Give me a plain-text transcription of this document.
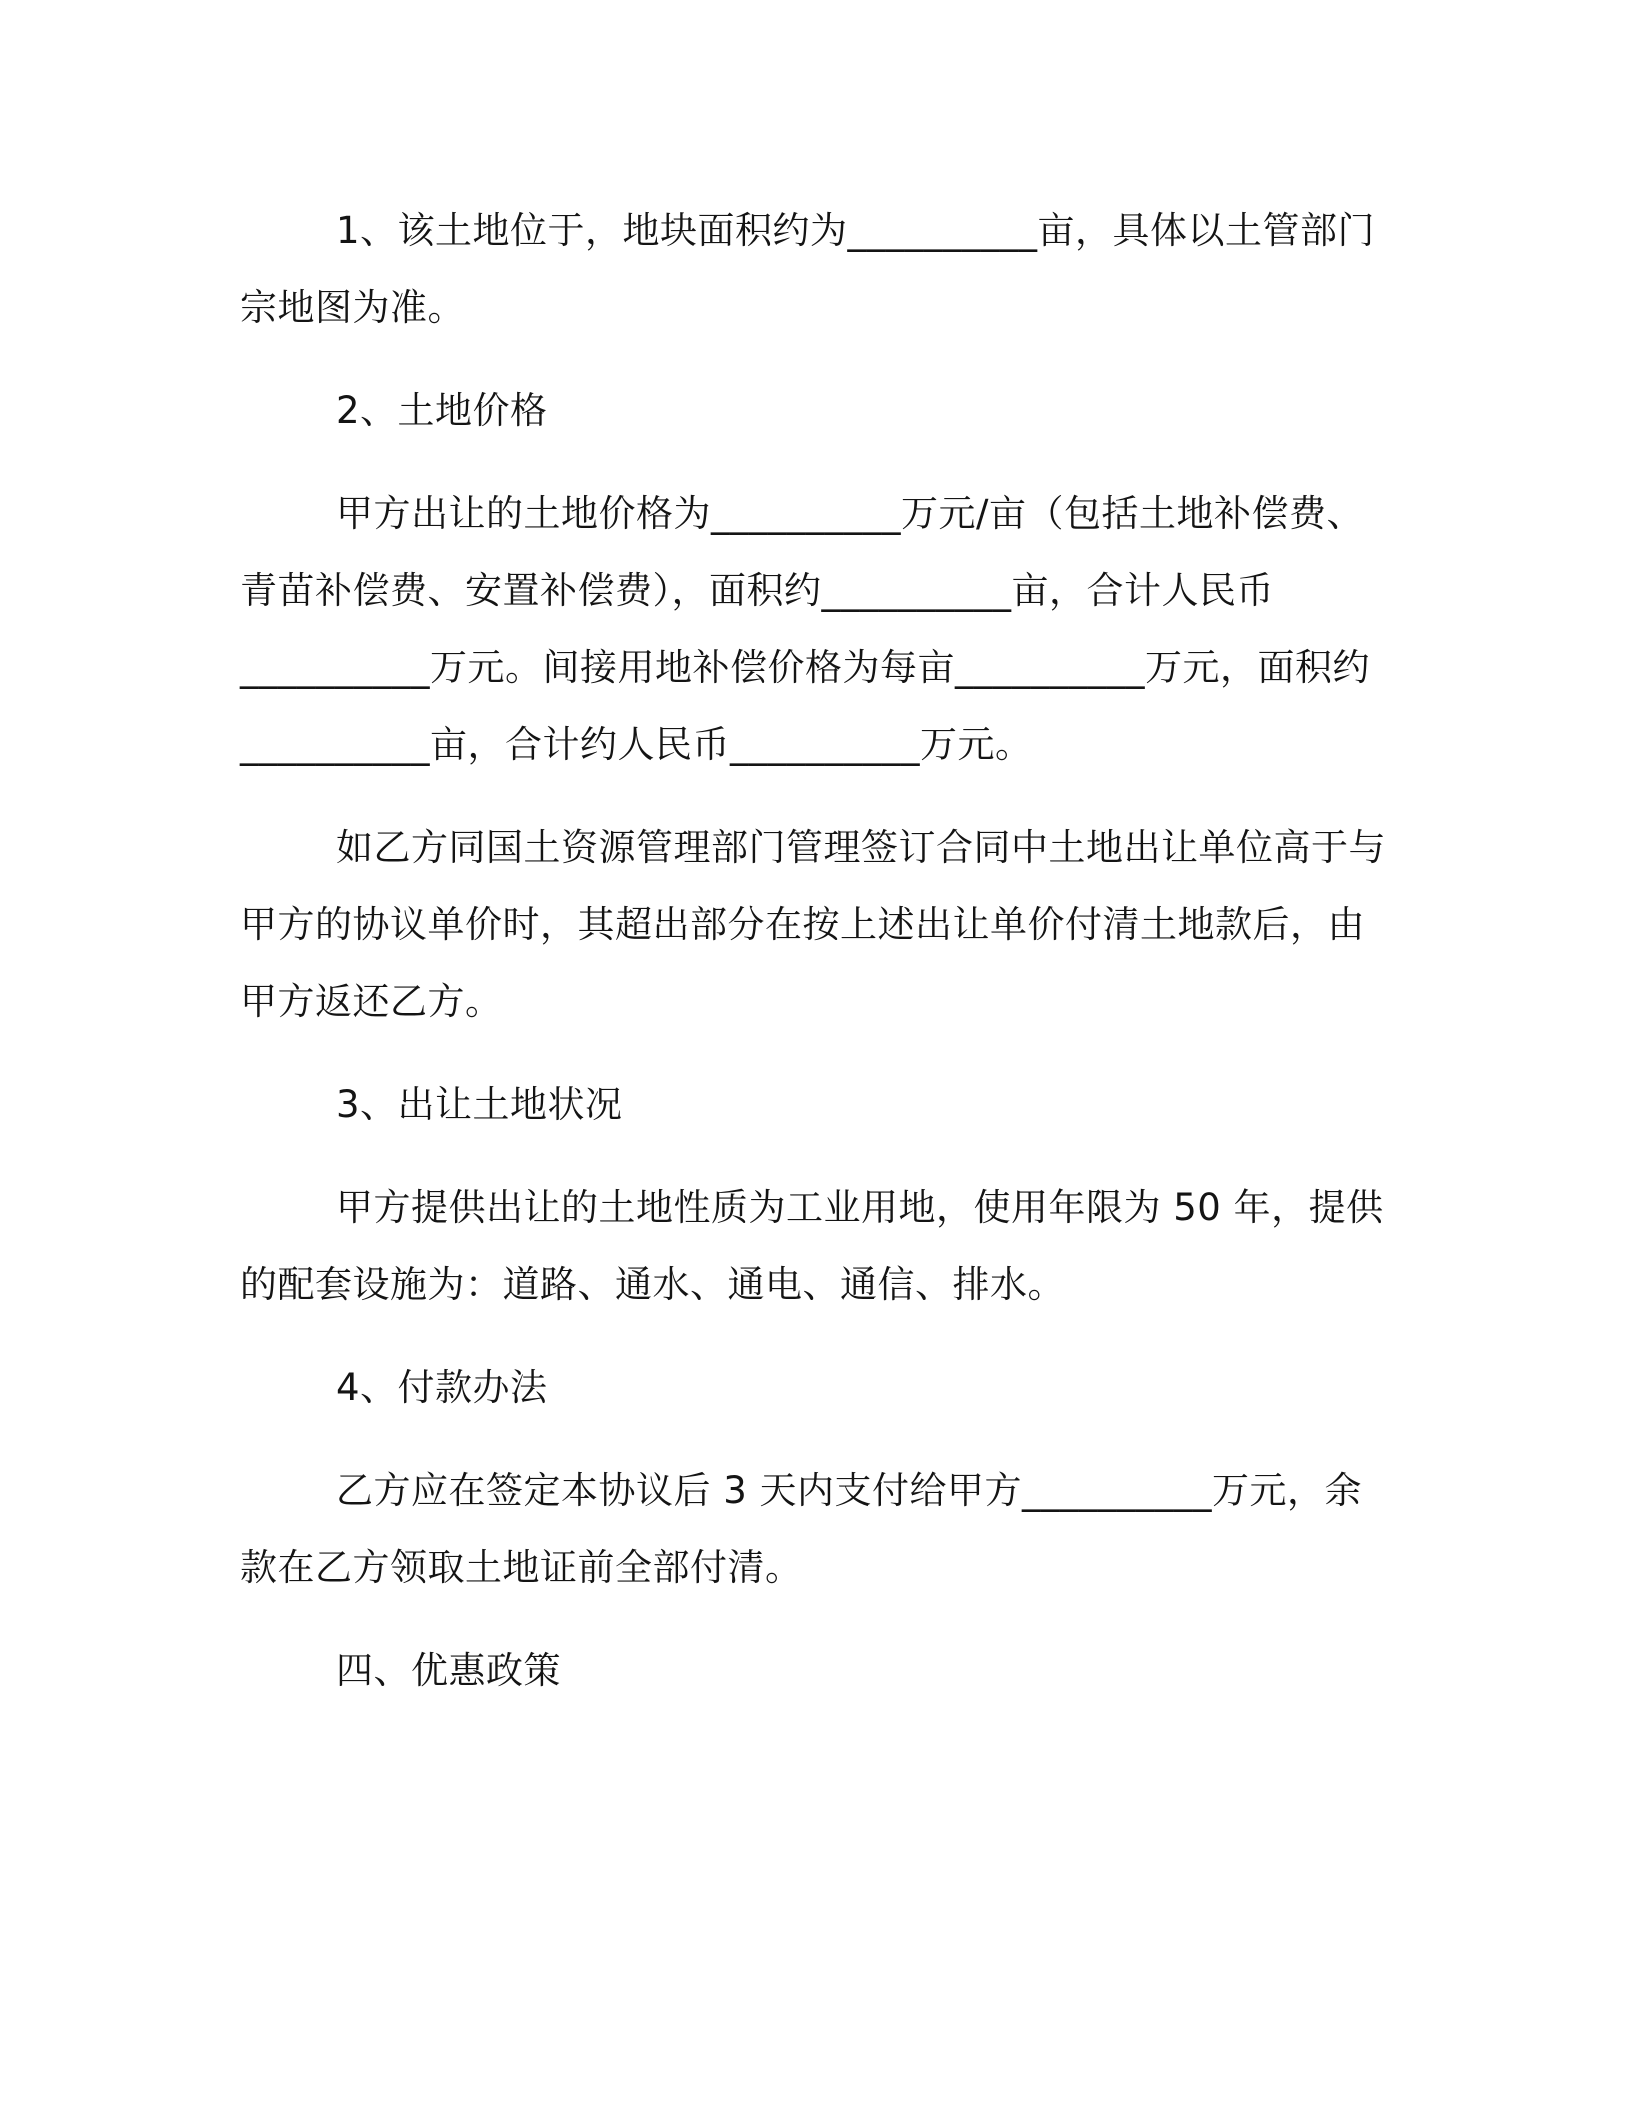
1、该土地位于，地块面积约为__________亩，具体以土管部门宗地图为准。

2、土地价格

甲方出让的土地价格为__________万元/亩（包括土地补偿费、青苗补偿费、安置补偿费），面积约__________亩，合计人民币__________万元。间接用地补偿价格为每亩__________万元，面积约__________亩，合计约人民币__________万元。

如乙方同国土资源管理部门管理签订合同中土地出让单位高于与甲方的协议单价时，其超出部分在按上述出让单价付清土地款后，由甲方返还乙方。

3、出让土地状况

甲方提供出让的土地性质为工业用地，使用年限为 50 年，提供的配套设施为：道路、通水、通电、通信、排水。

4、付款办法

乙方应在签定本协议后 3 天内支付给甲方__________万元，余款在乙方领取土地证前全部付清。

四、优惠政策
